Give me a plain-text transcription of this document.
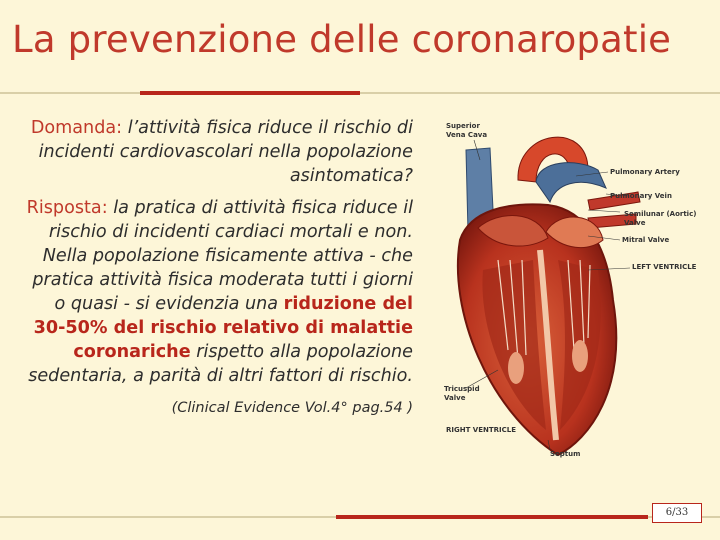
La prevenzione delle coronaropatie

Domanda: l’attività fisica riduce il rischio di incidenti cardiovascolari nella popolazione asintomatica?

Risposta: la pratica di attività fisica riduce il rischio di incidenti cardiaci mortali e non. Nella popolazione fisicamente attiva - che pratica attività fisica moderata tutti i giorni o quasi - si evidenzia una riduzione del 30-50% del rischio relativo di malattie coronariche rispetto alla popolazione sedentaria, a parità di altri fattori di rischio.

(Clinical Evidence Vol.4° pag.54 )
Superior
Vena Cava
Pulmonary Artery
Pulmonary Vein
Semilunar (Aortic)
Valve
Mitral Valve
LEFT VENTRICLE
Tricuspid
Valve
RIGHT VENTRICLE
Septum
6/33
